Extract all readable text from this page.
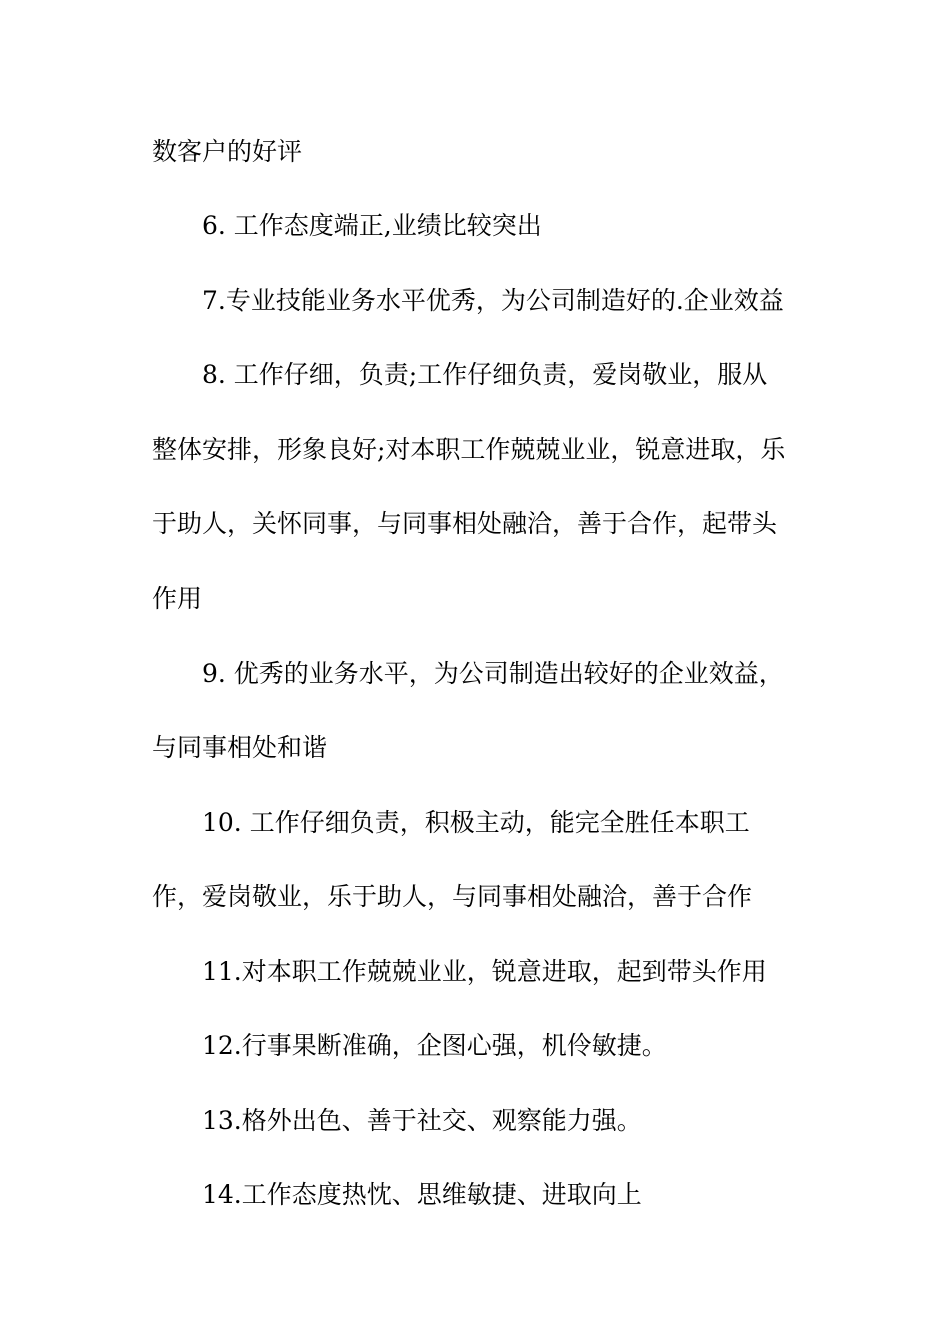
数客户的好评
6. 工作态度端正,业绩比较突出
7.专业技能业务水平优秀，为公司制造好的.企业效益
8. 工作仔细，负责;工作仔细负责，爱岗敬业，服从
整体安排，形象良好;对本职工作兢兢业业，锐意进取，乐
于助人，关怀同事，与同事相处融洽，善于合作，起带头
作用
9. 优秀的业务水平，为公司制造出较好的企业效益，
与同事相处和谐
10. 工作仔细负责，积极主动，能完全胜任本职工
作，爱岗敬业，乐于助人，与同事相处融洽，善于合作
11.对本职工作兢兢业业，锐意进取，起到带头作用
12.行事果断准确，企图心强，机伶敏捷。
13.格外出色、善于社交、观察能力强。
14.工作态度热忱、思维敏捷、进取向上
